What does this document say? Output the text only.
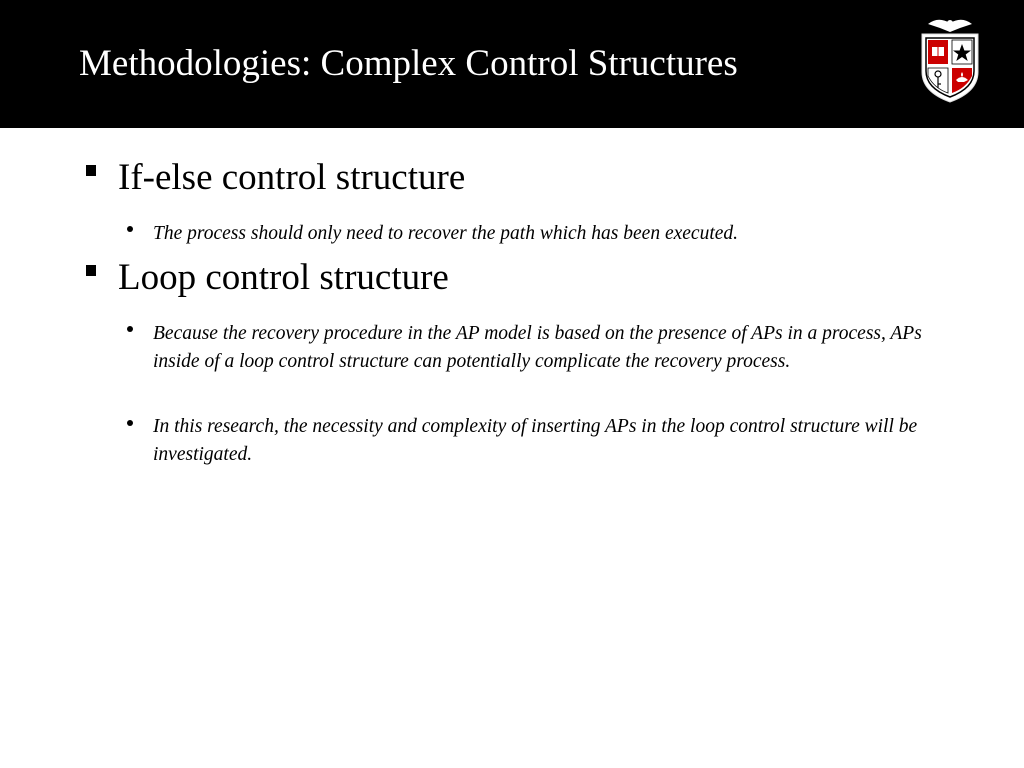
Methodologies: Complex Control Structures
If-else control structure
The process should only need to recover the path which has been executed.
Loop control structure
Because the recovery procedure in the AP model is based on the presence of APs in a process, APs inside of a loop control structure can potentially complicate the recovery process.
In this research, the necessity and complexity of inserting APs in the loop control structure will be investigated.
